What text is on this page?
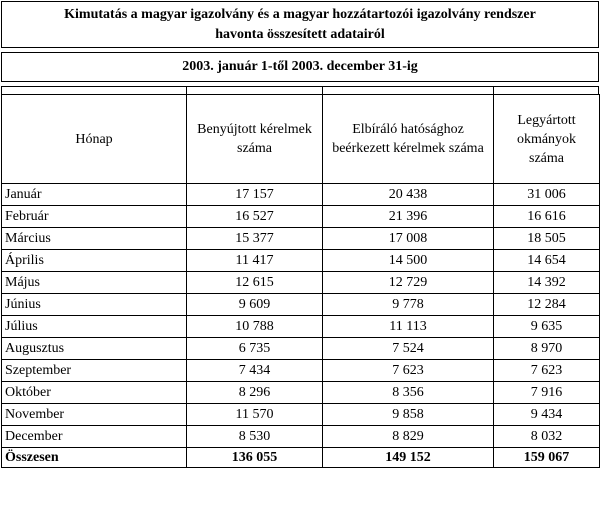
Kimutatás a magyar igazolvány és a magyar hozzátartozói igazolvány rendszer
havonta összesített adatairól
2003. január 1-től 2003. december 31-ig
Hónap	Benyújtott kérelmek száma	Elbíráló hatósághoz beérkezett kérelmek száma	Legyártott okmányok száma
Január	17 157	20 438	31 006
Február	16 527	21 396	16 616
Március	15 377	17 008	18 505
Április	11 417	14 500	14 654
Május	12 615	12 729	14 392
Június	9 609	9 778	12 284
Július	10 788	11 113	9 635
Augusztus	6 735	7 524	8 970
Szeptember	7 434	7 623	7 623
Október	8 296	8 356	7 916
November	11 570	9 858	9 434
December	8 530	8 829	8 032
Összesen	136 055	149 152	159 067
